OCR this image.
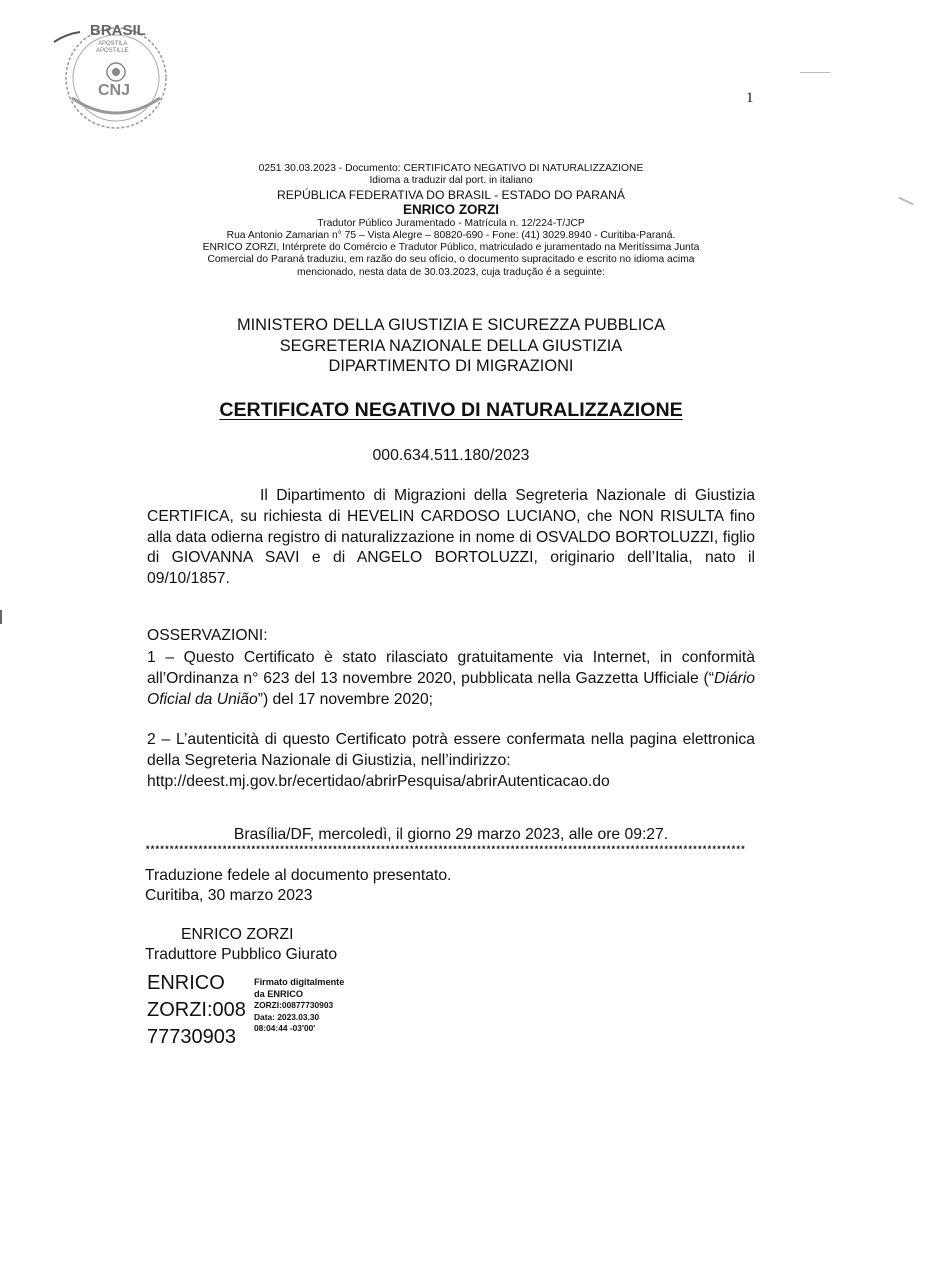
BRASIL
APOSTILA
APOSTILLE
CNJ	1
0251 30.03.2023 - Documento: CERTIFICATO NEGATIVO DI NATURALIZZAZIONE
Idioma a traduzir dal port. in italiano
REPÚBLICA FEDERATIVA DO BRASIL - ESTADO DO PARANÁ
ENRICO ZORZI
Tradutor Público Juramentado - Matrícula n. 12/224-T/JCP
Rua Antonio Zamarian n° 75 – Vista Alegre – 80820-690 - Fone: (41) 3029.8940 - Curitiba-Paraná.
ENRICO ZORZI, Intérprete do Comércio e Tradutor Público, matriculado e juramentado na Meritíssima Junta
Comercial do Paraná traduziu, em razão do seu ofício, o documento supracitado e escrito no idioma acima
mencionado, nesta data de 30.03.2023, cuja tradução é a seguinte:
MINISTERO DELLA GIUSTIZIA E SICUREZZA PUBBLICA
SEGRETERIA NAZIONALE DELLA GIUSTIZIA
DIPARTIMENTO DI MIGRAZIONI
CERTIFICATO NEGATIVO DI NATURALIZZAZIONE
000.634.511.180/2023
Il Dipartimento di Migrazioni della Segreteria Nazionale di Giustizia CERTIFICA, su richiesta di HEVELIN CARDOSO LUCIANO, che NON RISULTA fino alla data odierna registro di naturalizzazione in nome di OSVALDO BORTOLUZZI, figlio di GIOVANNA SAVI e di ANGELO BORTOLUZZI, originario dell’Italia, nato il 09/10/1857.
OSSERVAZIONI:
1 – Questo Certificato è stato rilasciato gratuitamente via Internet, in conformità all’Ordinanza n° 623 del 13 novembre 2020, pubblicata nella Gazzetta Ufficiale (“Diário Oficial da União”) del 17 novembre 2020;
2 – L’autenticità di questo Certificato potrà essere confermata nella pagina elettronica della Segreteria Nazionale di Giustizia, nell’indirizzo:
http://deest.mj.gov.br/ecertidao/abrirPesquisa/abrirAutenticacao.do
Brasília/DF, mercoledì, il giorno 29 marzo 2023, alle ore 09:27.
*****************************************************************************************************************************
Traduzione fedele al documento presentato.
Curitiba, 30 marzo 2023
ENRICO ZORZI
Traduttore Pubblico Giurato
ENRICO
ZORZI:008
77730903
Firmato digitalmente
da ENRICO
ZORZI:00877730903
Data: 2023.03.30
08:04:44 -03'00'
